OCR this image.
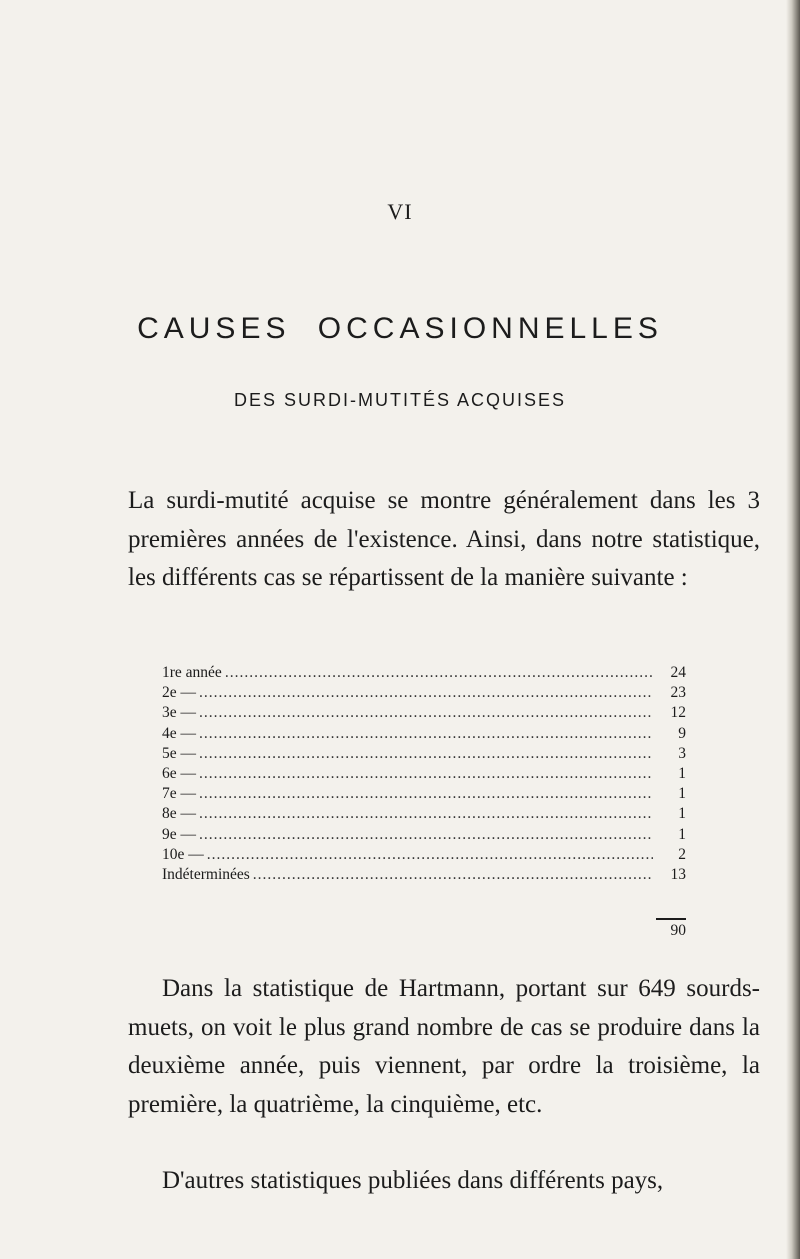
VI
CAUSES OCCASIONNELLES
DES SURDI-MUTITÉS ACQUISES

La surdi-mutité acquise se montre généralement dans les 3 premières années de l'existence. Ainsi, dans notre statistique, les différents cas se répartissent de la manière suivante :

1re année .....	24
2e — .....	23
3e — .....	12
4e — .....	9
5e — .....	3
6e — .....	1
7e — .....	1
8e — .....	1
9e — .....	1
10e — .....	2
Indéterminées .....	13
90

Dans la statistique de Hartmann, portant sur 649 sourds-muets, on voit le plus grand nombre de cas se produire dans la deuxième année, puis viennent, par ordre la troisième, la première, la quatrième, la cinquième, etc.

D'autres statistiques publiées dans différents pays,
